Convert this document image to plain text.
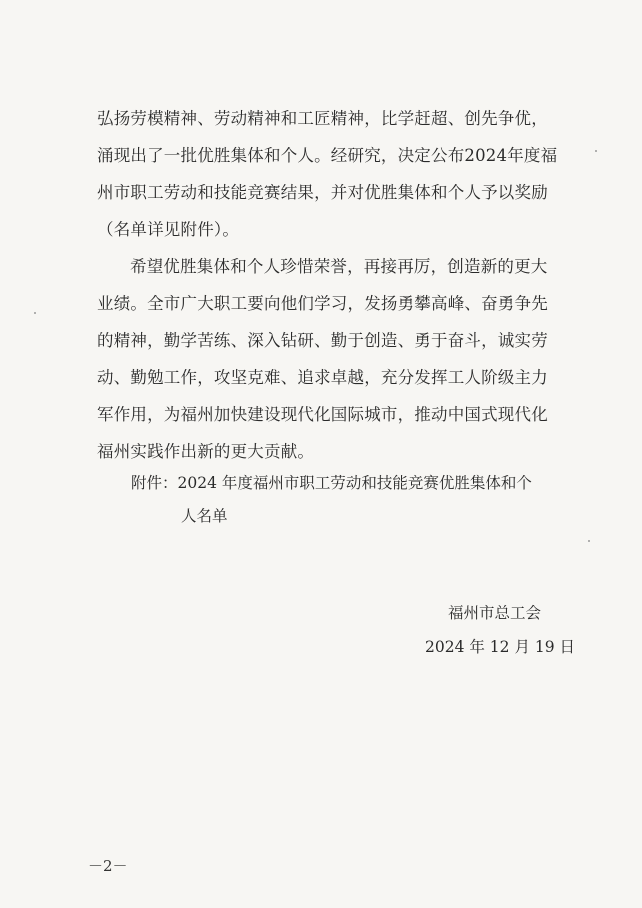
弘扬劳模精神、劳动精神和工匠精神，比学赶超、创先争优，

涌现出了一批优胜集体和个人。经研究，决定公布2024年度福

州市职工劳动和技能竞赛结果，并对优胜集体和个人予以奖励

（名单详见附件）。

希望优胜集体和个人珍惜荣誉，再接再厉，创造新的更大

业绩。全市广大职工要向他们学习，发扬勇攀高峰、奋勇争先

的精神，勤学苦练、深入钻研、勤于创造、勇于奋斗，诚实劳

动、勤勉工作，攻坚克难、追求卓越，充分发挥工人阶级主力

军作用，为福州加快建设现代化国际城市，推动中国式现代化

福州实践作出新的更大贡献。

附件：2024 年度福州市职工劳动和技能竞赛优胜集体和个

人名单

福州市总工会
2024 年 12 月 19 日
－2－
